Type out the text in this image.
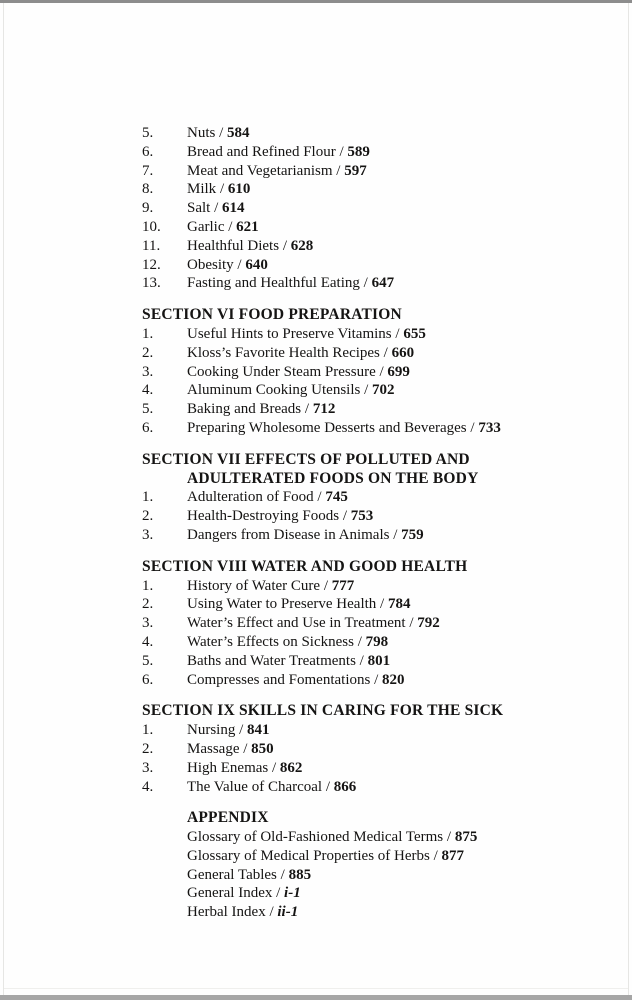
5.	Nuts / 584
6.	Bread and Refined Flour / 589
7.	Meat and Vegetarianism / 597
8.	Milk / 610
9.	Salt / 614
10.	Garlic / 621
11.	Healthful Diets / 628
12.	Obesity / 640
13.	Fasting and Healthful Eating / 647
SECTION VI FOOD PREPARATION
1.	Useful Hints to Preserve Vitamins / 655
2.	Kloss’s Favorite Health Recipes / 660
3.	Cooking Under Steam Pressure / 699
4.	Aluminum Cooking Utensils / 702
5.	Baking and Breads / 712
6.	Preparing Wholesome Desserts and Beverages / 733
SECTION VII EFFECTS OF POLLUTED AND
ADULTERATED FOODS ON THE BODY
1.	Adulteration of Food / 745
2.	Health-Destroying Foods / 753
3.	Dangers from Disease in Animals / 759
SECTION VIII WATER AND GOOD HEALTH
1.	History of Water Cure / 777
2.	Using Water to Preserve Health / 784
3.	Water’s Effect and Use in Treatment / 792
4.	Water’s Effects on Sickness / 798
5.	Baths and Water Treatments / 801
6.	Compresses and Fomentations / 820
SECTION IX SKILLS IN CARING FOR THE SICK
1.	Nursing / 841
2.	Massage / 850
3.	High Enemas / 862
4.	The Value of Charcoal / 866
APPENDIX
Glossary of Old-Fashioned Medical Terms / 875
Glossary of Medical Properties of Herbs / 877
General Tables / 885
General Index / i-1
Herbal Index / ii-1
